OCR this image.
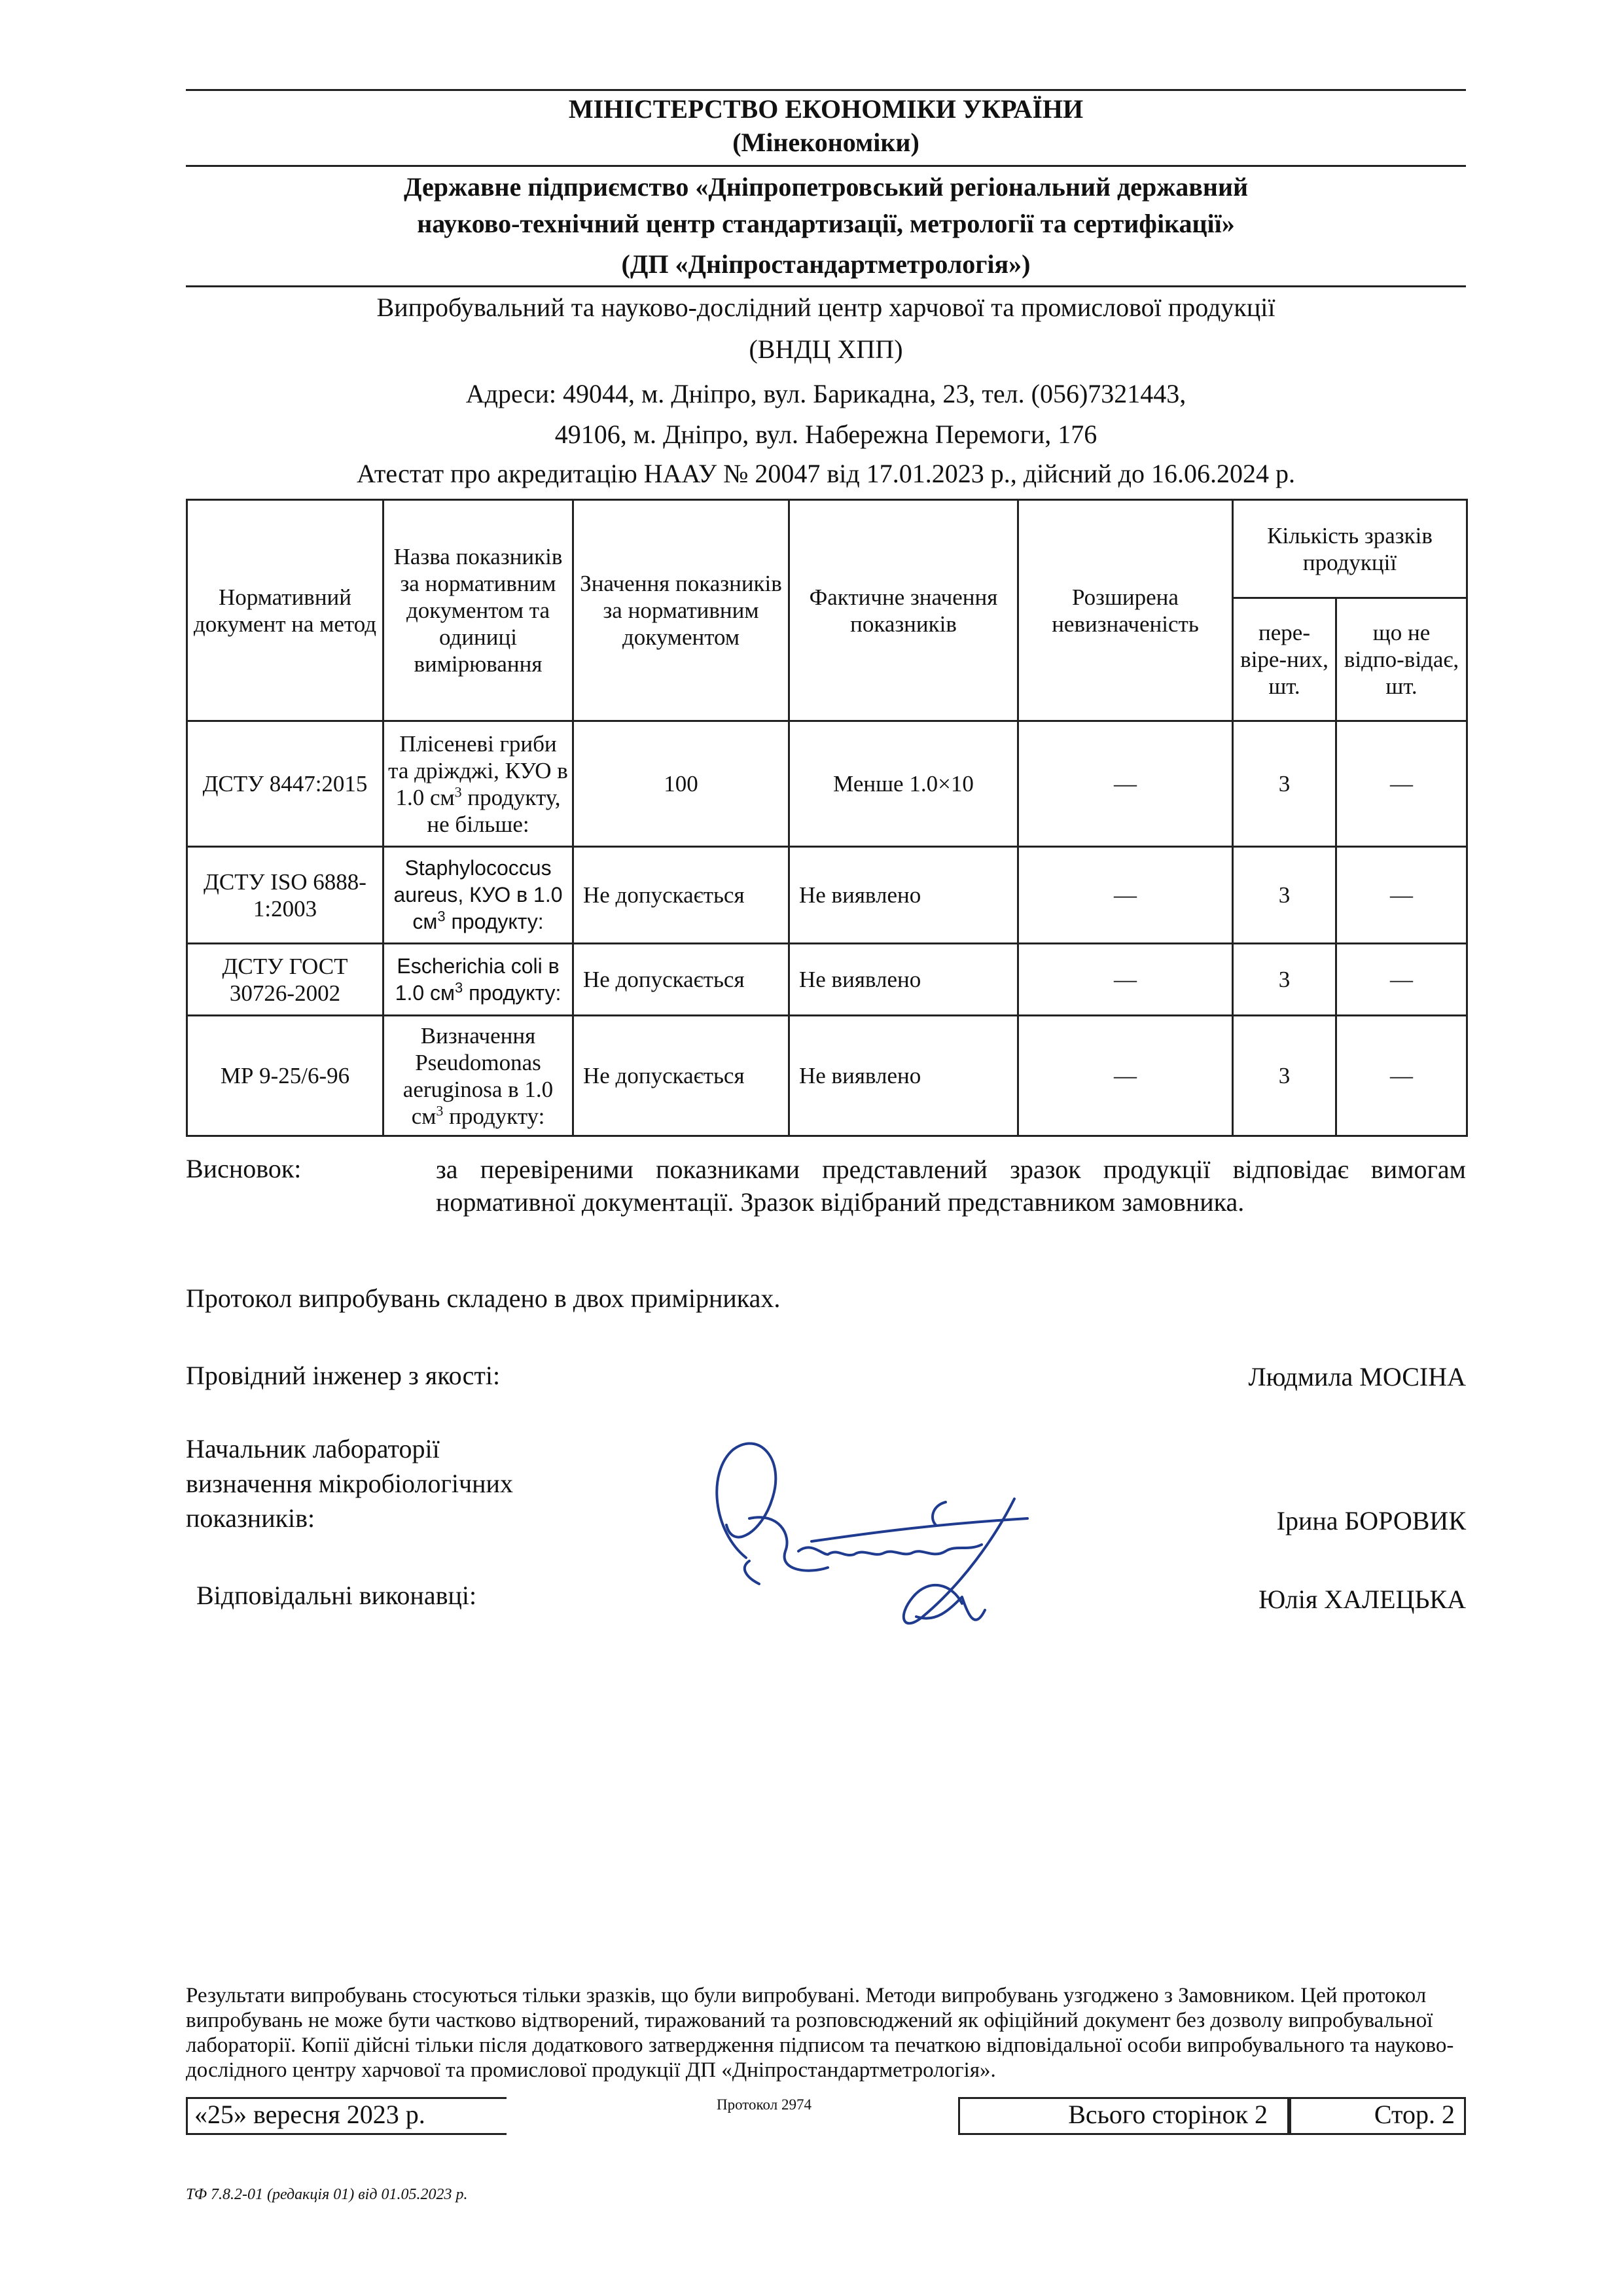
МІНІСТЕРСТВО ЕКОНОМІКИ УКРАЇНИ
(Мінекономіки)
Державне підприємство «Дніпропетровський регіональний державний
науково-технічний центр стандартизації, метрології та сертифікації»
(ДП «Дніпростандартметрологія»)
Випробувальний та науково-дослідний центр харчової та промислової продукції
(ВНДЦ ХПП)
Адреси: 49044, м. Дніпро, вул. Барикадна, 23, тел. (056)7321443,
49106, м. Дніпро, вул. Набережна Перемоги, 176
Атестат про акредитацію НААУ № 20047 від 17.01.2023 р., дійсний до 16.06.2024 р.
Нормативний документ на метод	Назва показників за нормативним документом та одиниці вимірювання	Значення показників за нормативним документом	Фактичне значення показників	Розширена невизначеність	Кількість зразків продукції	
					пере-віре-них, шт.	що не відпо-відає, шт.
ДСТУ 8447:2015	Плісеневі гриби та дріжджі, КУО в 1.0 $см^3$ продукту, не більше:	100	Менше 1.0×10	—	3	—
ДСТУ ISO 6888-1:2003	Staphylococcus aureus, КУО в 1.0 $см^3$ продукту:	Не допускається	Не виявлено	—	3	—
ДСТУ ГОСТ 30726-2002	Escherichia coli в 1.0 $см^3$ продукту:	Не допускається	Не виявлено	—	3	—
МР 9-25/6-96	Визначення Pseudomonas aeruginosa в 1.0 $см^3$ продукту:	Не допускається	Не виявлено	—	3	—
Висновок:	за перевіреними показниками представлений зразок продукції відповідає вимогам нормативної документації. Зразок відібраний представником замовника.
Протокол випробувань складено в двох примірниках.
Провідний інженер з якості:	Людмила МОСІНА
Начальник лабораторії
визначення мікробіологічних
показників:	Ірина БОРОВИК
Відповідальні виконавці:	Юлія ХАЛЕЦЬКА
Результати випробувань стосуються тільки зразків, що були випробувані. Методи випробувань узгоджено з Замовником. Цей протокол випробувань не може бути частково відтворений, тиражований та розповсюджений як офіційний документ без дозволу випробувальної лабораторії. Копії дійсні тільки після додаткового затвердження підписом та печаткою відповідальної особи випробувального та науково-дослідного центру харчової та промислової продукції ДП «Дніпростандартметрологія».
«25» вересня 2023 р.	Протокол 2974	Всього сторінок 2	Стор. 2
ТФ 7.8.2-01 (редакція 01) від 01.05.2023 р.
